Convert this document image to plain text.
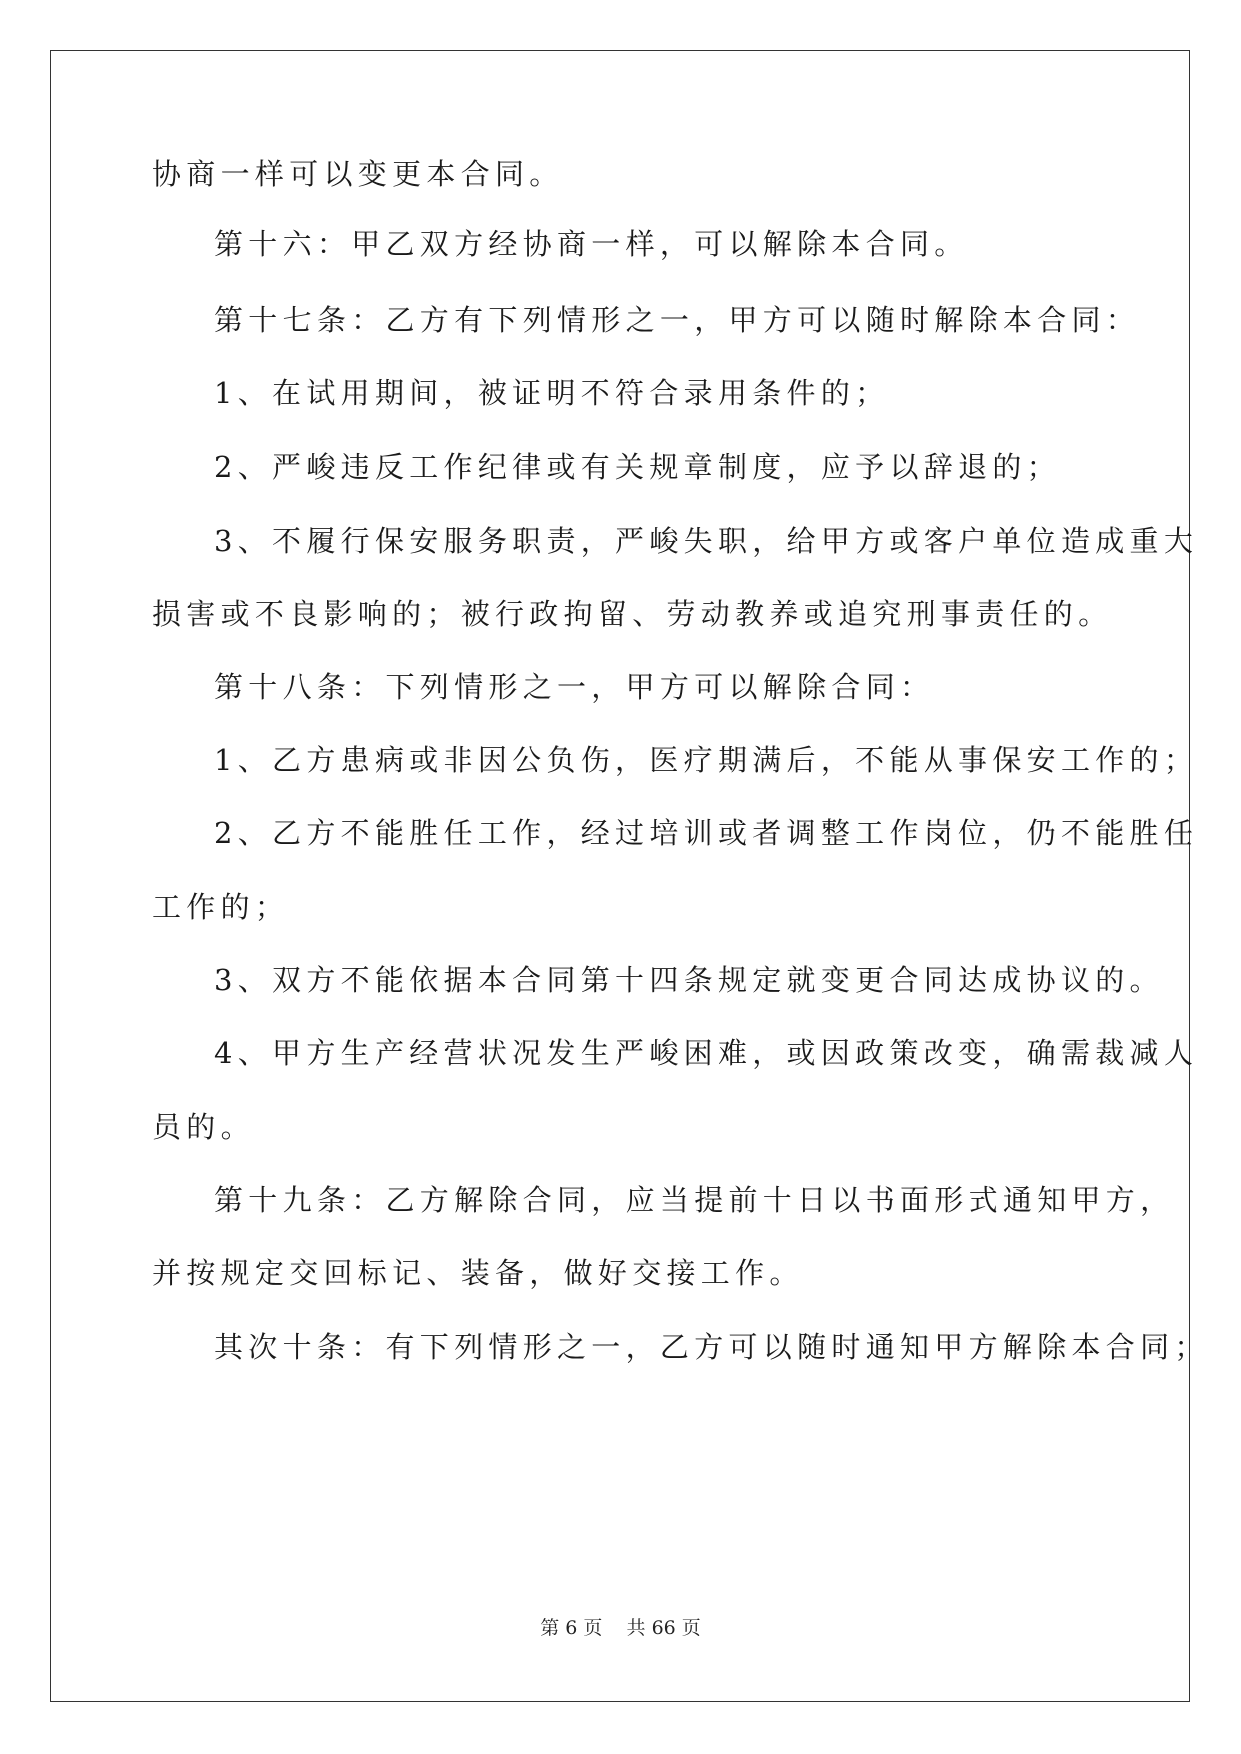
协商一样可以变更本合同。
第十六：甲乙双方经协商一样，可以解除本合同。
第十七条：乙方有下列情形之一，甲方可以随时解除本合同：
1、在试用期间，被证明不符合录用条件的；
2、严峻违反工作纪律或有关规章制度，应予以辞退的；
3、不履行保安服务职责，严峻失职，给甲方或客户单位造成重大
损害或不良影响的；被行政拘留、劳动教养或追究刑事责任的。
第十八条：下列情形之一，甲方可以解除合同：
1、乙方患病或非因公负伤，医疗期满后，不能从事保安工作的；
2、乙方不能胜任工作，经过培训或者调整工作岗位，仍不能胜任
工作的；
3、双方不能依据本合同第十四条规定就变更合同达成协议的。
4、甲方生产经营状况发生严峻困难，或因政策改变，确需裁减人
员的。
第十九条：乙方解除合同，应当提前十日以书面形式通知甲方，
并按规定交回标记、装备，做好交接工作。
其次十条：有下列情形之一，乙方可以随时通知甲方解除本合同；
第 6 页    共 66 页
